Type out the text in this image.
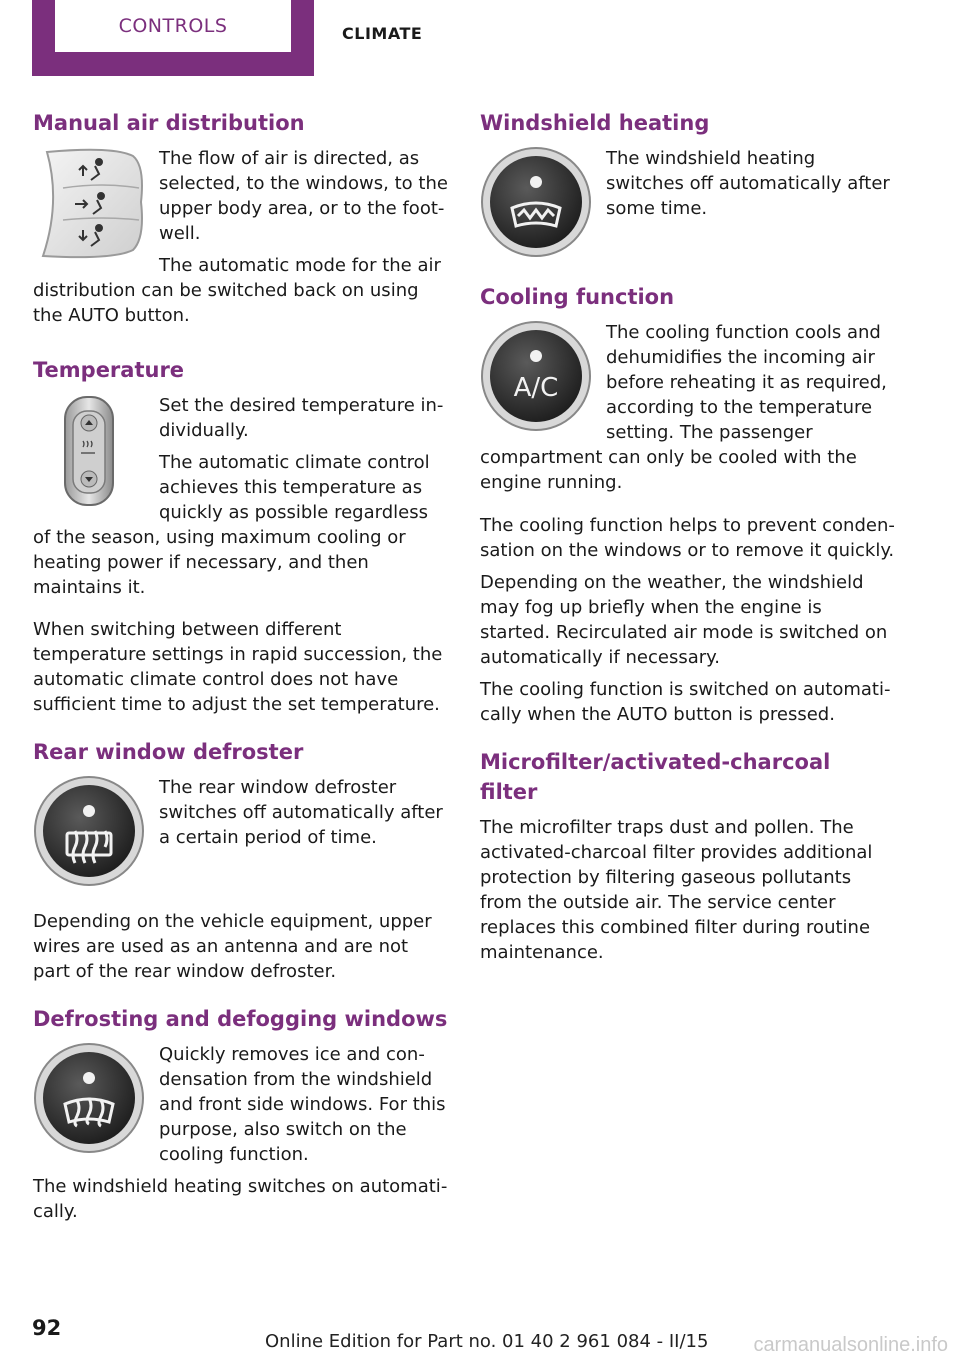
CONTROLS	CLIMATE
Manual air distribution

The flow of air is directed, as selected, to the windows, to the upper body area, or to the footwell.

The automatic mode for the air distribution can be switched back on using the AUTO button.

Temperature

Set the desired temperature individually.

The automatic climate control achieves this temperature as quickly as possible regardless of the season, using maximum cooling or heating power if necessary, and then maintains it.

When switching between different temperature settings in rapid succession, the automatic climate control does not have sufficient time to adjust the set temperature.

Rear window defroster

The rear window defroster switches off automatically after a certain period of time.

Depending on the vehicle equipment, upper wires are used as an antenna and are not part of the rear window defroster.

Defrosting and defogging windows

Quickly removes ice and condensation from the windshield and front side windows. For this purpose, also switch on the cooling function.

The windshield heating switches on automatically.

Windshield heating

The windshield heating switches off automatically after some time.

Cooling function
A/C

The cooling function cools and dehumidifies the incoming air before reheating it as required, according to the temperature setting. The passenger compartment can only be cooled with the engine running.

The cooling function helps to prevent condensation on the windows or to remove it quickly.

Depending on the weather, the windshield may fog up briefly when the engine is started. Recirculated air mode is switched on automatically if necessary.

The cooling function is switched on automatically when the AUTO button is pressed.

Microfilter/activated-charcoal filter

The microfilter traps dust and pollen. The activated-charcoal filter provides additional protection by filtering gaseous pollutants from the outside air. The service center replaces this combined filter during routine maintenance.

92
Online Edition for Part no. 01 40 2 961 084 - II/15 carmanualsonline.info
